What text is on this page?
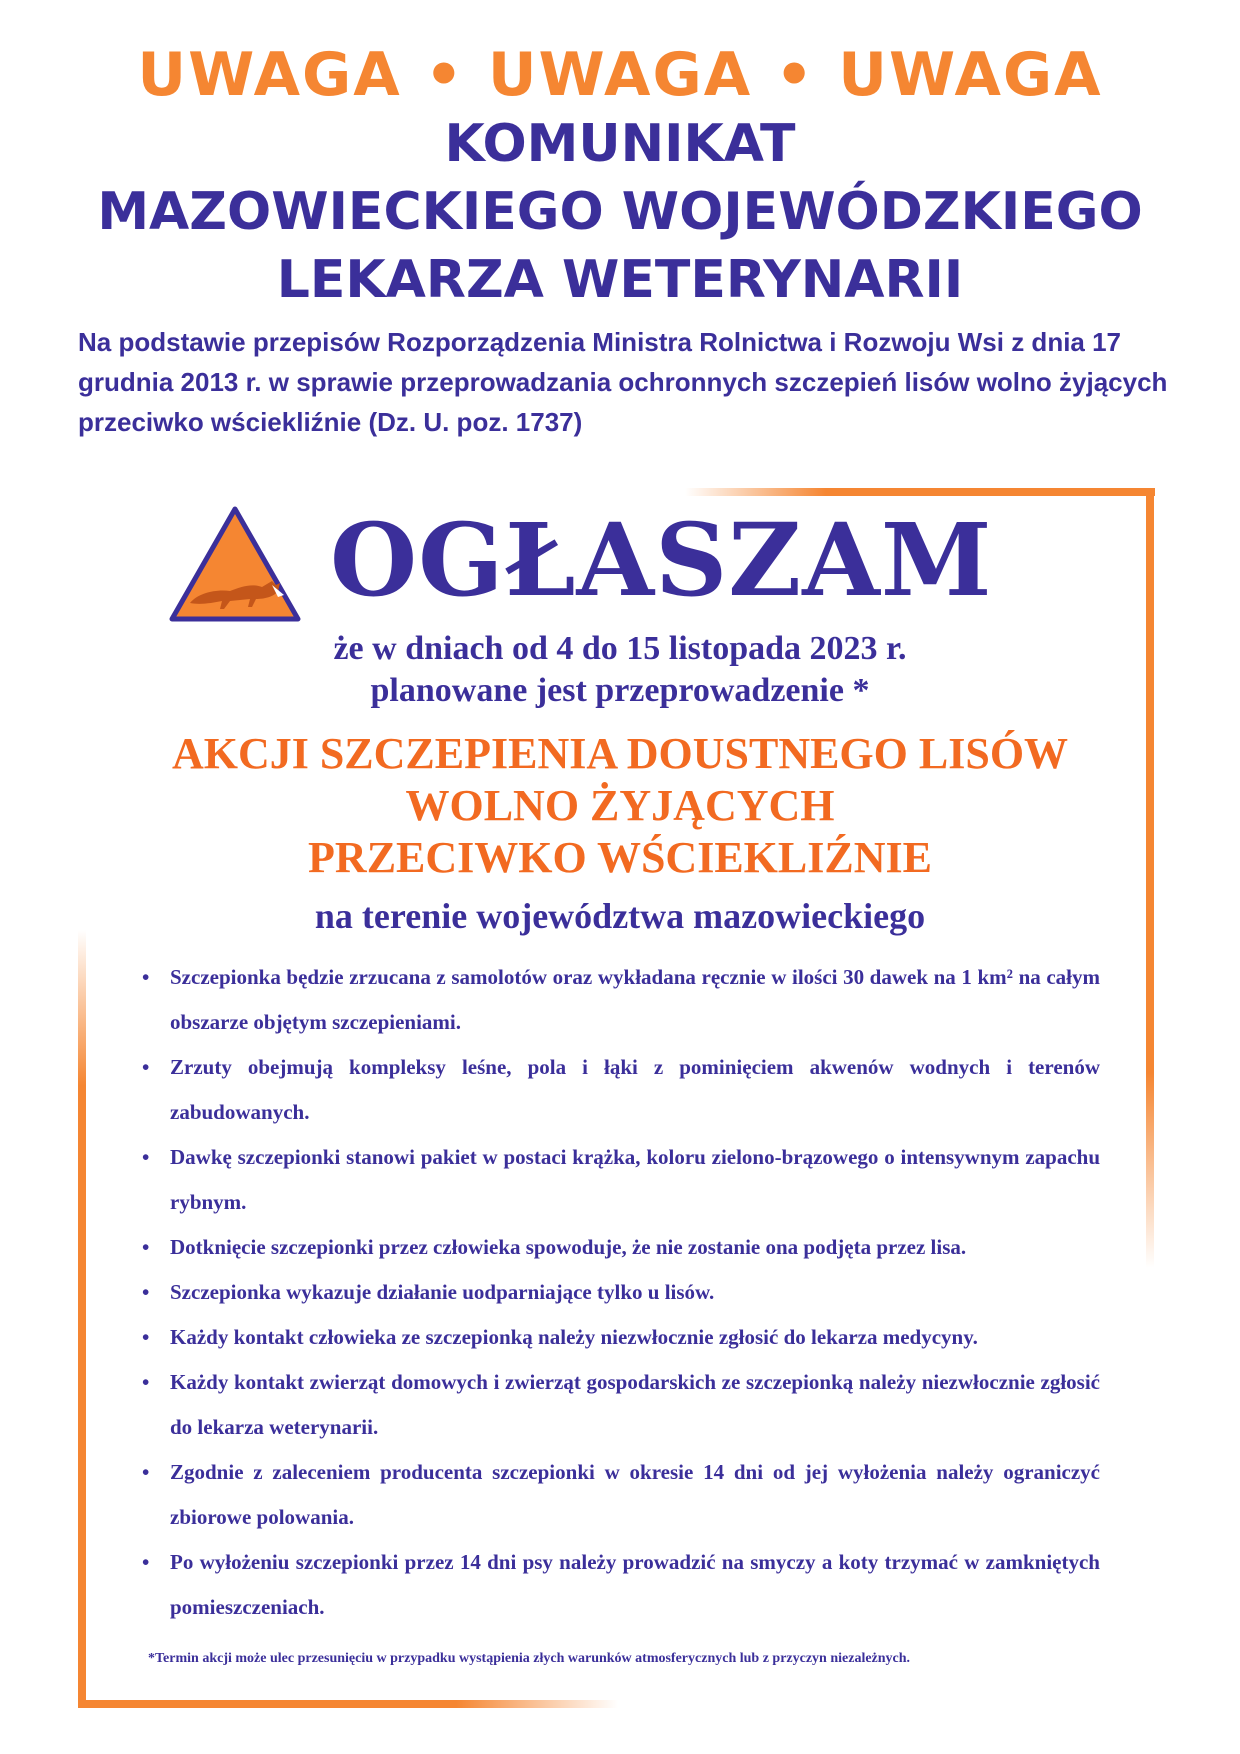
UWAGA • UWAGA • UWAGA
KOMUNIKAT
MAZOWIECKIEGO WOJEWÓDZKIEGO
LEKARZA WETERYNARII
Na podstawie przepisów Rozporządzenia Ministra Rolnictwa i Rozwoju Wsi z dnia 17 grudnia 2013 r. w sprawie przeprowadzania ochronnych szczepień lisów wolno żyjących przeciwko wściekliźnie (Dz. U. poz. 1737)
OGŁASZAM
że w dniach od 4 do 15 listopada 2023 r.
planowane jest przeprowadzenie *
AKCJI SZCZEPIENIA DOUSTNEGO LISÓW
WOLNO ŻYJĄCYCH
PRZECIWKO WŚCIEKLIŹNIE
na terenie województwa mazowieckiego
• Szczepionka będzie zrzucana z samolotów oraz wykładana ręcznie w ilości 30 dawek na 1 km² na całym obszarze objętym szczepieniami.
• Zrzuty obejmują kompleksy leśne, pola i łąki z pominięciem akwenów wodnych i terenów zabudowanych.
• Dawkę szczepionki stanowi pakiet w postaci krążka, koloru zielono-brązowego o intensywnym zapachu rybnym.
• Dotknięcie szczepionki przez człowieka spowoduje, że nie zostanie ona podjęta przez lisa.
• Szczepionka wykazuje działanie uodparniające tylko u lisów.
• Każdy kontakt człowieka ze szczepionką należy niezwłocznie zgłosić do lekarza medycyny.
• Każdy kontakt zwierząt domowych i zwierząt gospodarskich ze szczepionką należy niezwłocznie zgłosić do lekarza weterynarii.
• Zgodnie z zaleceniem producenta szczepionki w okresie 14 dni od jej wyłożenia należy ograniczyć zbiorowe polowania.
• Po wyłożeniu szczepionki przez 14 dni psy należy prowadzić na smyczy a koty trzymać w zamkniętych pomieszczeniach.
*Termin akcji może ulec przesunięciu w przypadku wystąpienia złych warunków atmosferycznych lub z przyczyn niezależnych.
